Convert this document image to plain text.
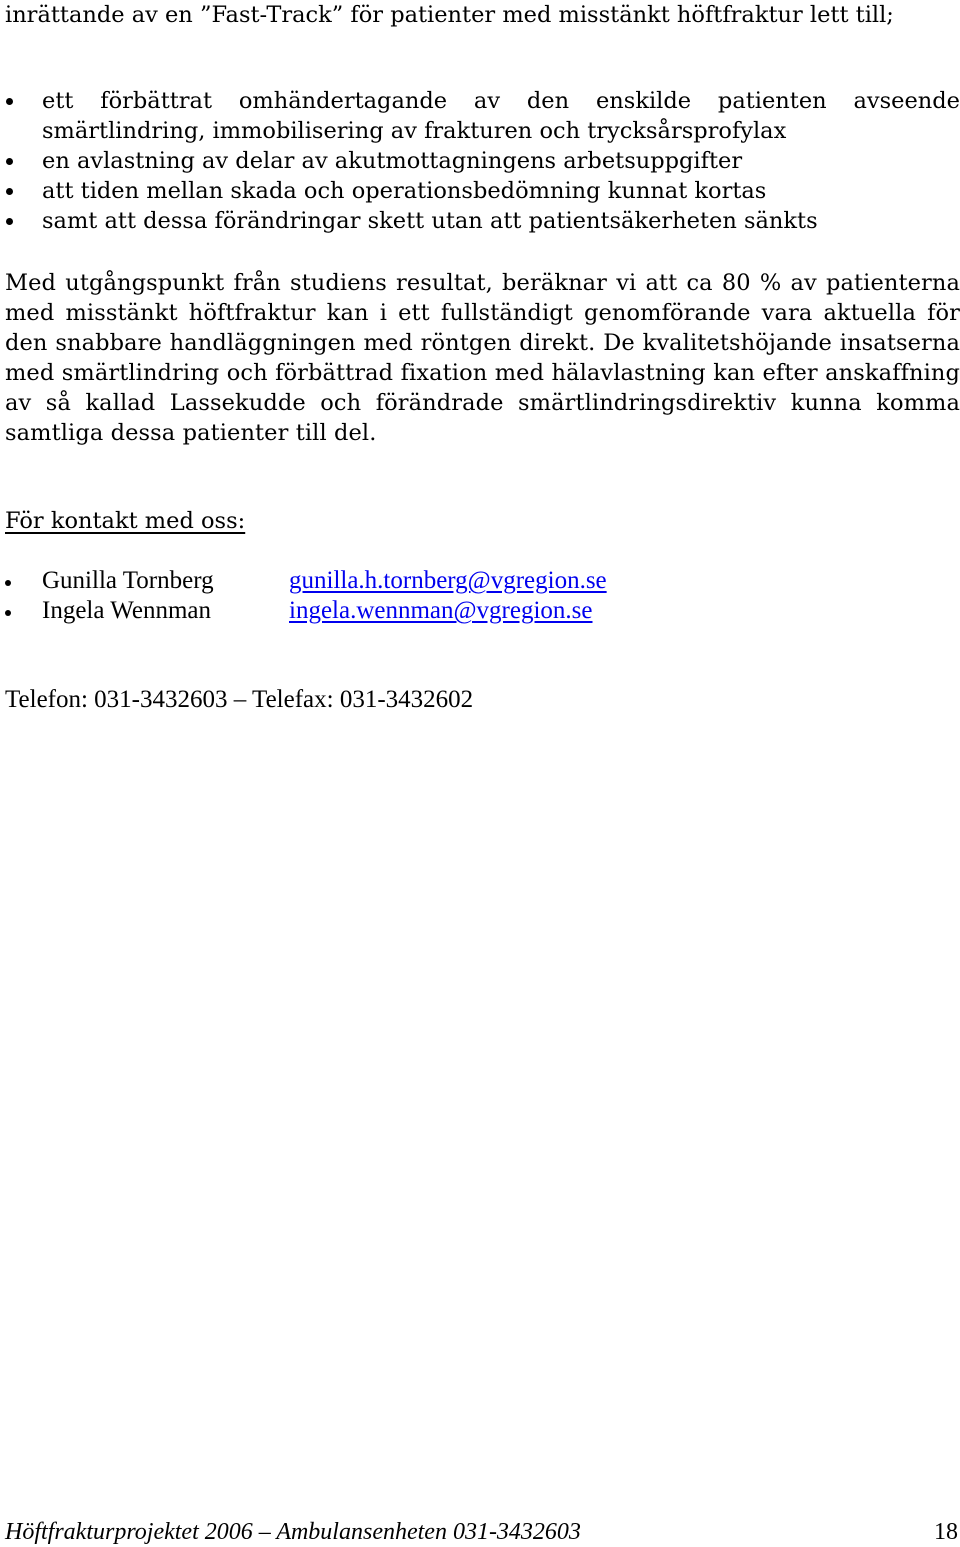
inrättande av en ”Fast-Track” för patienter med misstänkt höftfraktur lett till;

ett förbättrat omhändertagande av den enskilde patienten avseende smärtlindring, immobilisering av frakturen och trycksårsprofylax
en avlastning av delar av akutmottagningens arbetsuppgifter
att tiden mellan skada och operationsbedömning kunnat kortas
samt att dessa förändringar skett utan att patientsäkerheten sänkts

Med utgångspunkt från studiens resultat, beräknar vi att ca 80 % av patienterna med misstänkt höftfraktur kan i ett fullständigt genomförande vara aktuella för den snabbare handläggningen med röntgen direkt. De kvalitetshöjande insatserna med smärtlindring och förbättrad fixation med hälavlastning kan efter anskaffning av så kallad Lassekudde och förändrade smärtlindringsdirektiv kunna komma samtliga dessa patienter till del.

För kontakt med oss:

Gunilla Tornberg	gunilla.h.tornberg@vgregion.se
Ingela Wennman	ingela.wennman@vgregion.se

Telefon: 031-3432603 – Telefax: 031-3432602

Höftfrakturprojektet 2006 – Ambulansenheten 031-3432603	18
